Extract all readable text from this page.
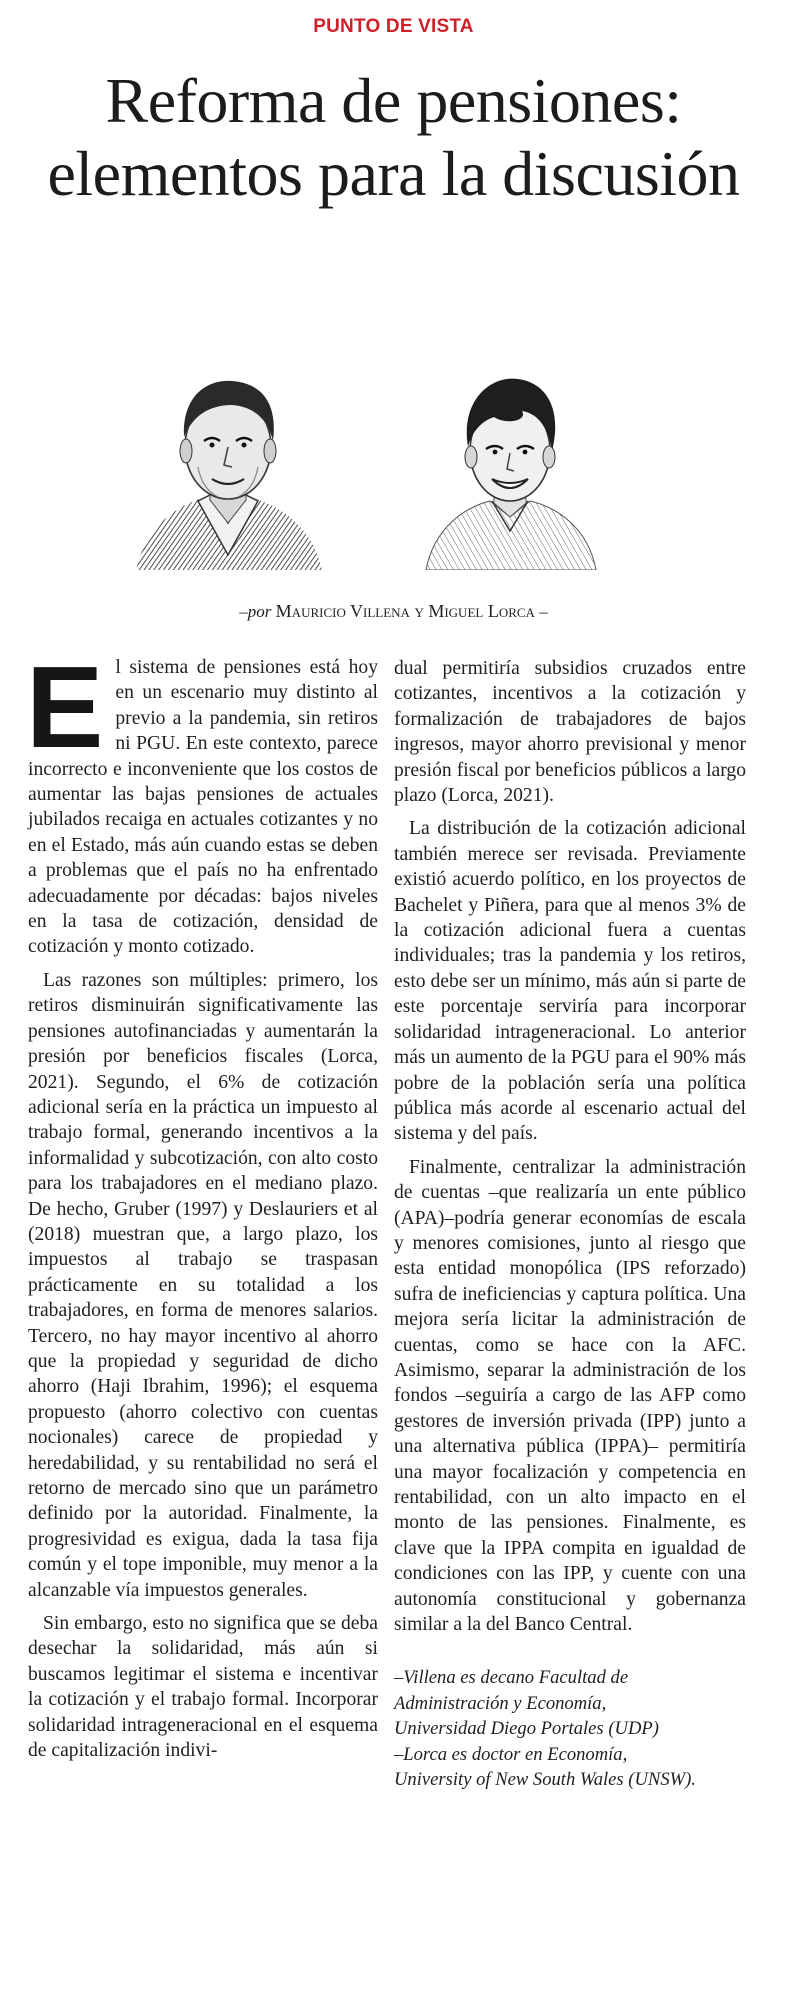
PUNTO DE VISTA
Reforma de pensiones: elementos para la discusión
–por Mauricio Villena y Miguel Lorca –

El sistema de pensiones está hoy en un escenario muy distinto al previo a la pandemia, sin retiros ni PGU. En este contexto, parece incorrecto e inconveniente que los costos de aumentar las bajas pensiones de actuales jubilados recaiga en actuales cotizantes y no en el Estado, más aún cuando estas se deben a problemas que el país no ha enfrentado adecuadamente por décadas: bajos niveles en la tasa de cotización, densidad de cotización y monto cotizado.

Las razones son múltiples: primero, los retiros disminuirán significativamente las pensiones autofinanciadas y aumentarán la presión por beneficios fiscales (Lorca, 2021). Segundo, el 6% de cotización adicional sería en la práctica un impuesto al trabajo formal, generando incentivos a la informalidad y subcotización, con alto costo para los trabajadores en el mediano plazo. De hecho, Gruber (1997) y Deslauriers et al (2018) muestran que, a largo plazo, los impuestos al trabajo se traspasan prácticamente en su totalidad a los trabajadores, en forma de menores salarios. Tercero, no hay mayor incentivo al ahorro que la propiedad y seguridad de dicho ahorro (Haji Ibrahim, 1996); el esquema propuesto (ahorro colectivo con cuentas nocionales) carece de propiedad y heredabilidad, y su rentabilidad no será el retorno de mercado sino que un parámetro definido por la autoridad. Finalmente, la progresividad es exigua, dada la tasa fija común y el tope imponible, muy menor a la alcanzable vía impuestos generales.

Sin embargo, esto no significa que se deba desechar la solidaridad, más aún si buscamos legitimar el sistema e incentivar la cotización y el trabajo formal. Incorporar solidaridad intrageneracional en el esquema de capitalización indivi-

dual permitiría subsidios cruzados entre cotizantes, incentivos a la cotización y formalización de trabajadores de bajos ingresos, mayor ahorro previsional y menor presión fiscal por beneficios públicos a largo plazo (Lorca, 2021).

La distribución de la cotización adicional también merece ser revisada. Previamente existió acuerdo político, en los proyectos de Bachelet y Piñera, para que al menos 3% de la cotización adicional fuera a cuentas individuales; tras la pandemia y los retiros, esto debe ser un mínimo, más aún si parte de este porcentaje serviría para incorporar solidaridad intrageneracional. Lo anterior más un aumento de la PGU para el 90% más pobre de la población sería una política pública más acorde al escenario actual del sistema y del país.

Finalmente, centralizar la administración de cuentas –que realizaría un ente público (APA)–podría generar economías de escala y menores comisiones, junto al riesgo que esta entidad monopólica (IPS reforzado) sufra de ineficiencias y captura política. Una mejora sería licitar la administración de cuentas, como se hace con la AFC. Asimismo, separar la administración de los fondos –seguiría a cargo de las AFP como gestores de inversión privada (IPP) junto a una alternativa pública (IPPA)– permitiría una mayor focalización y competencia en rentabilidad, con un alto impacto en el monto de las pensiones. Finalmente, es clave que la IPPA compita en igualdad de condiciones con las IPP, y cuente con una autonomía constitucional y gobernanza similar a la del Banco Central.

–Villena es decano Facultad de
Administración y Economía,
Universidad Diego Portales (UDP)
–Lorca es doctor en Economía,
University of New South Wales (UNSW).
